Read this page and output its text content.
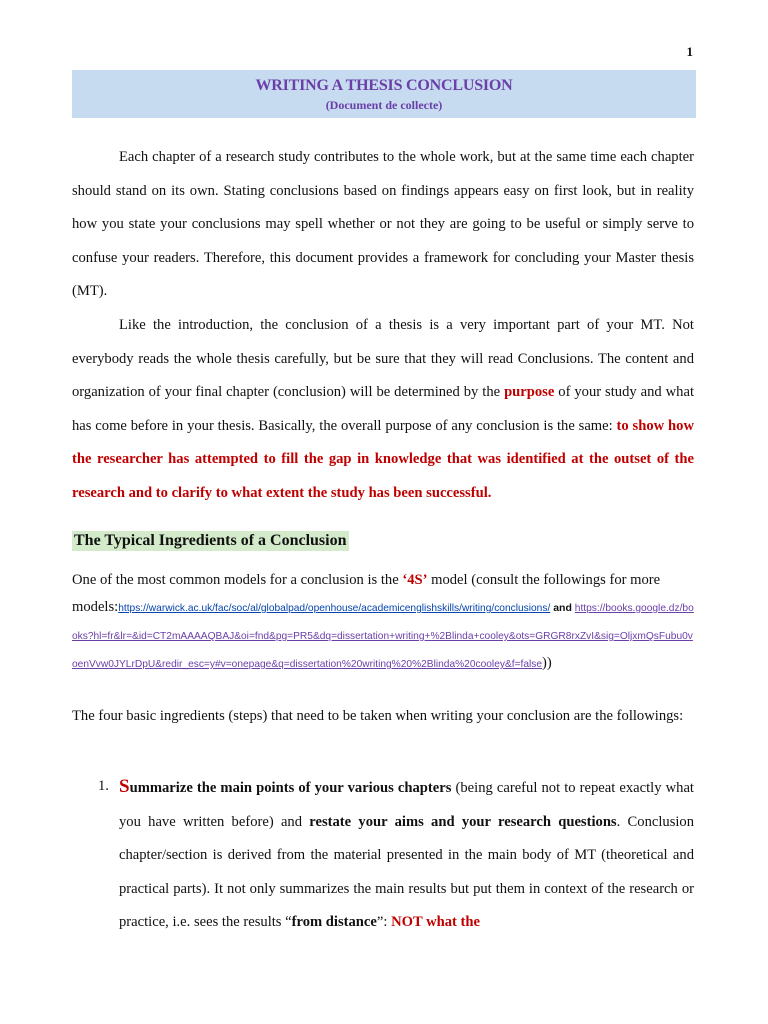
1
WRITING A THESIS CONCLUSION
(Document de collecte)

Each chapter of a research study contributes to the whole work, but at the same time each chapter should stand on its own. Stating conclusions based on findings appears easy on first look, but in reality how you state your conclusions may spell whether or not they are going to be useful or simply serve to confuse your readers. Therefore, this document provides a framework for concluding your Master thesis (MT).

Like the introduction, the conclusion of a thesis is a very important part of your MT. Not everybody reads the whole thesis carefully, but be sure that they will read Conclusions. The content and organization of your final chapter (conclusion) will be determined by the purpose of your study and what has come before in your thesis. Basically, the overall purpose of any conclusion is the same: to show how the researcher has attempted to fill the gap in knowledge that was identified at the outset of the research and to clarify to what extent the study has been successful.

The Typical Ingredients of a Conclusion

One of the most common models for a conclusion is the ‘4S’ model (consult the followings for more models:https://warwick.ac.uk/fac/soc/al/globalpad/openhouse/academicenglishskills/writing/conclusions/ and https://books.google.dz/books?hl=fr&lr=&id=CT2mAAAAQBAJ&oi=fnd&pg=PR5&dq=dissertation+writing+%2Blinda+cooley&ots=GRGR8rxZvI&sig=OljxmQsFubu0voenVvw0JYLrDpU&redir_esc=y#v=onepage&q=dissertation%20writing%20%2Blinda%20cooley&f=false))

The four basic ingredients (steps) that need to be taken when writing your conclusion are the followings:

1. Summarize the main points of your various chapters (being careful not to repeat exactly what you have written before) and restate your aims and your research questions. Conclusion chapter/section is derived from the material presented in the main body of MT (theoretical and practical parts). It not only summarizes the main results but put them in context of the research or practice, i.e. sees the results “from distance”: NOT what the
